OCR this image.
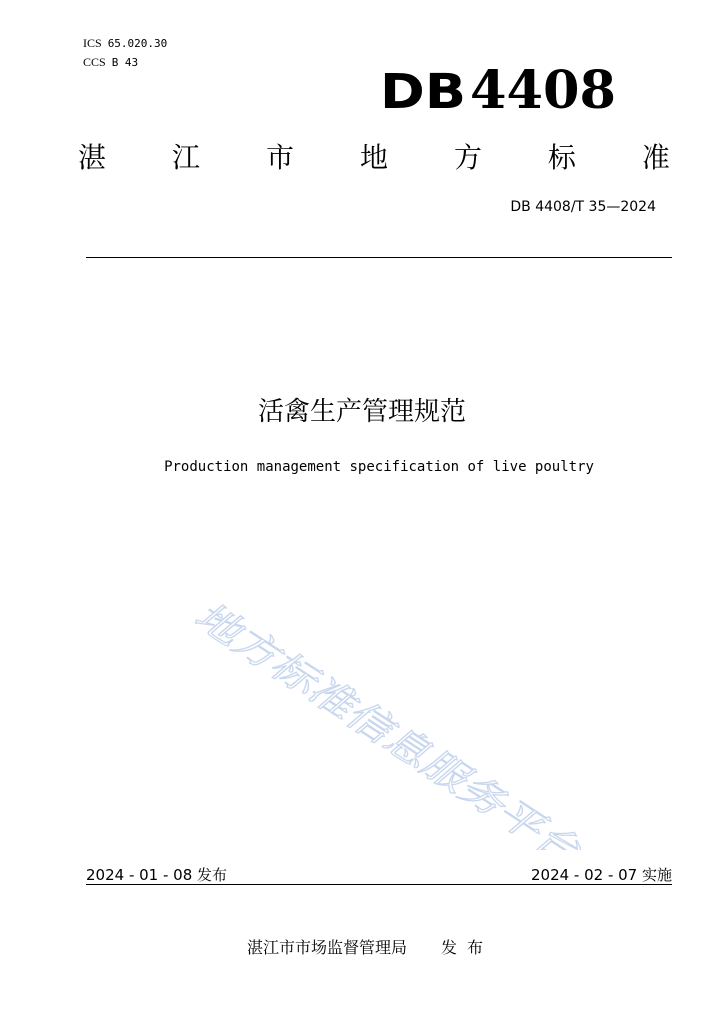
ICS 65.020.30
CCS B 43
DB 4408
湛 江 市 地 方 标 准
DB 4408/T 35—2024
活禽生产管理规范
Production management specification of live poultry
地方标准信息服务平台
2024 - 01 - 08 发布	2024 - 02 - 07 实施
湛江市市场监督管理局 发布
